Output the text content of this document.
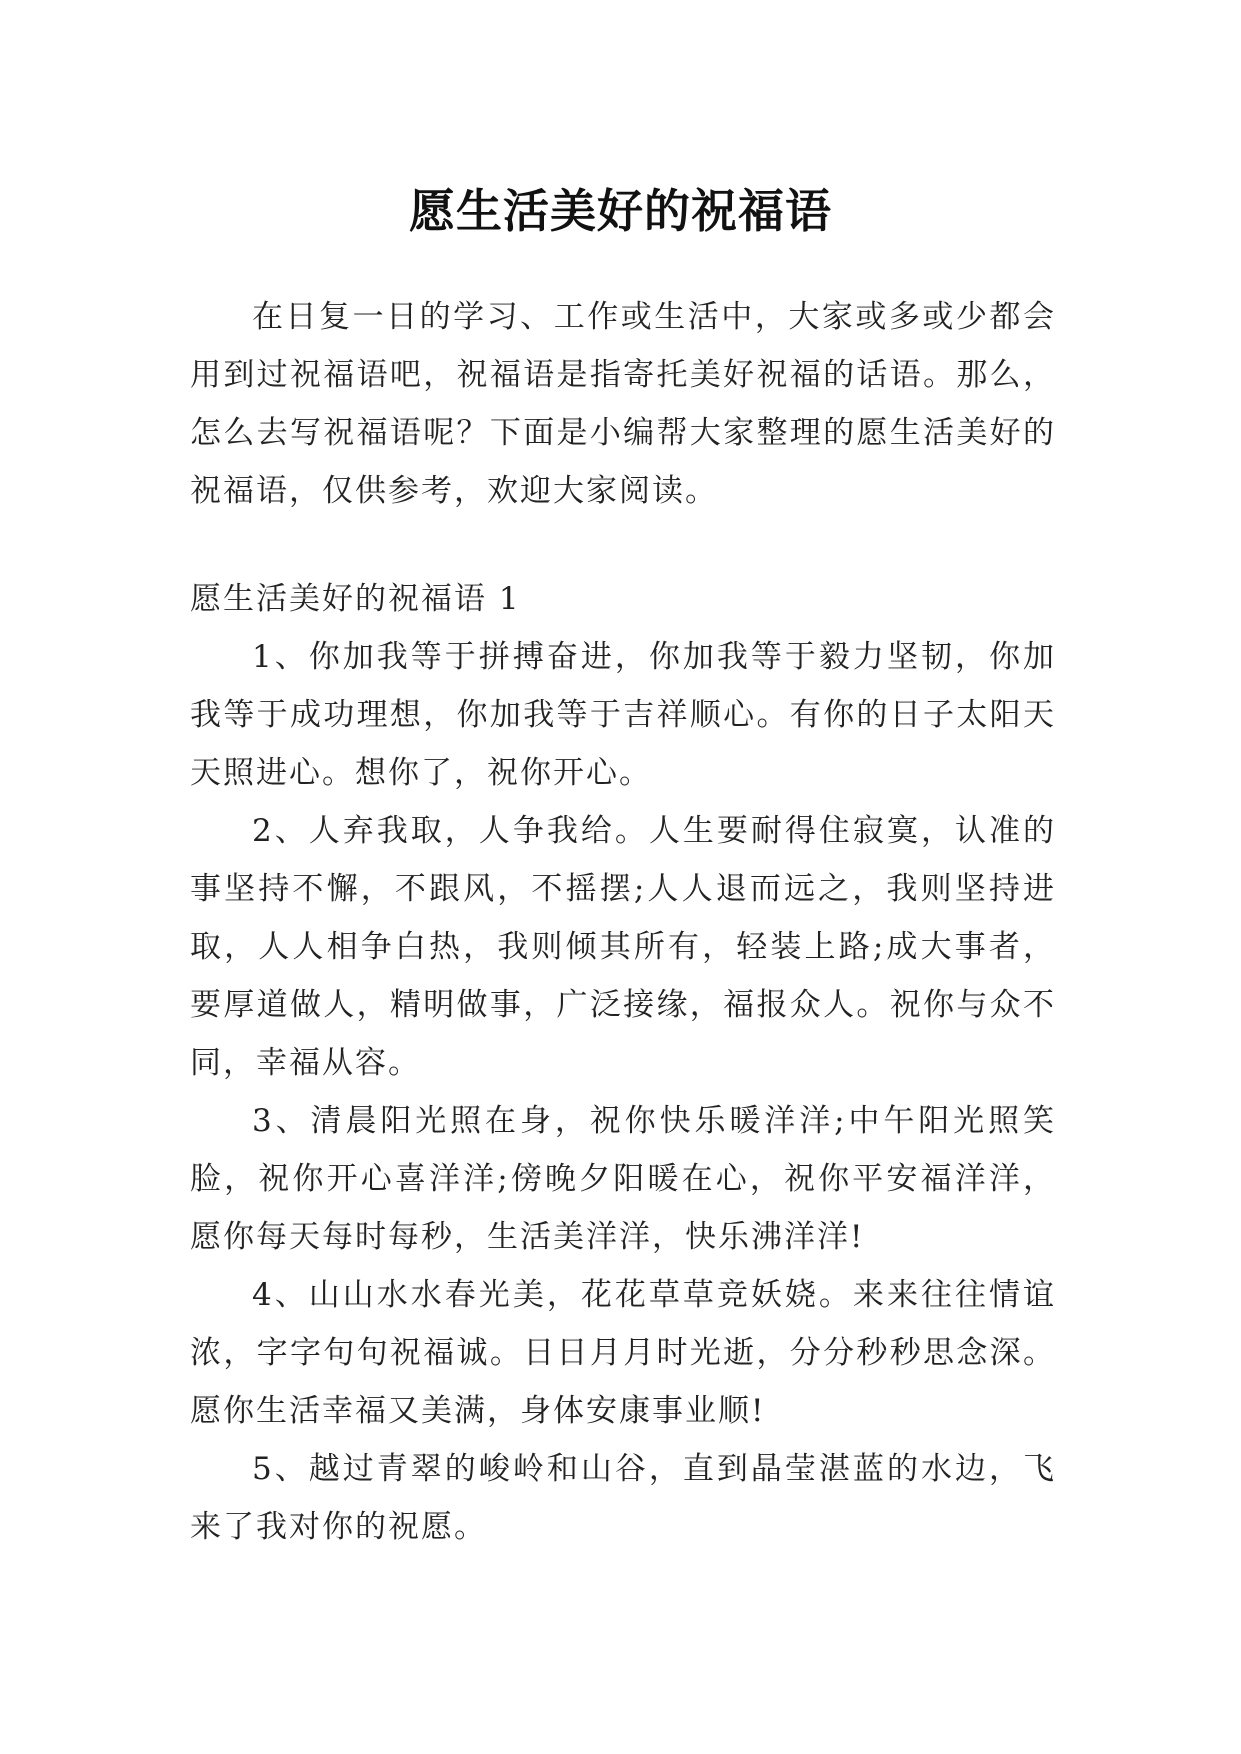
愿生活美好的祝福语

在日复一日的学习、工作或生活中，大家或多或少都会用到过祝福语吧，祝福语是指寄托美好祝福的话语。那么，怎么去写祝福语呢？下面是小编帮大家整理的愿生活美好的祝福语，仅供参考，欢迎大家阅读。

愿生活美好的祝福语 1

1、你加我等于拼搏奋进，你加我等于毅力坚韧，你加我等于成功理想，你加我等于吉祥顺心。有你的日子太阳天天照进心。想你了，祝你开心。

2、人弃我取，人争我给。人生要耐得住寂寞，认准的事坚持不懈，不跟风，不摇摆;人人退而远之，我则坚持进取，人人相争白热，我则倾其所有，轻装上路;成大事者，要厚道做人，精明做事，广泛接缘，福报众人。祝你与众不同，幸福从容。

3、清晨阳光照在身，祝你快乐暖洋洋;中午阳光照笑脸，祝你开心喜洋洋;傍晚夕阳暖在心，祝你平安福洋洋，愿你每天每时每秒，生活美洋洋，快乐沸洋洋!

4、山山水水春光美，花花草草竞妖娆。来来往往情谊浓，字字句句祝福诚。日日月月时光逝，分分秒秒思念深。愿你生活幸福又美满，身体安康事业顺!

5、越过青翠的峻岭和山谷，直到晶莹湛蓝的水边，飞来了我对你的祝愿。
